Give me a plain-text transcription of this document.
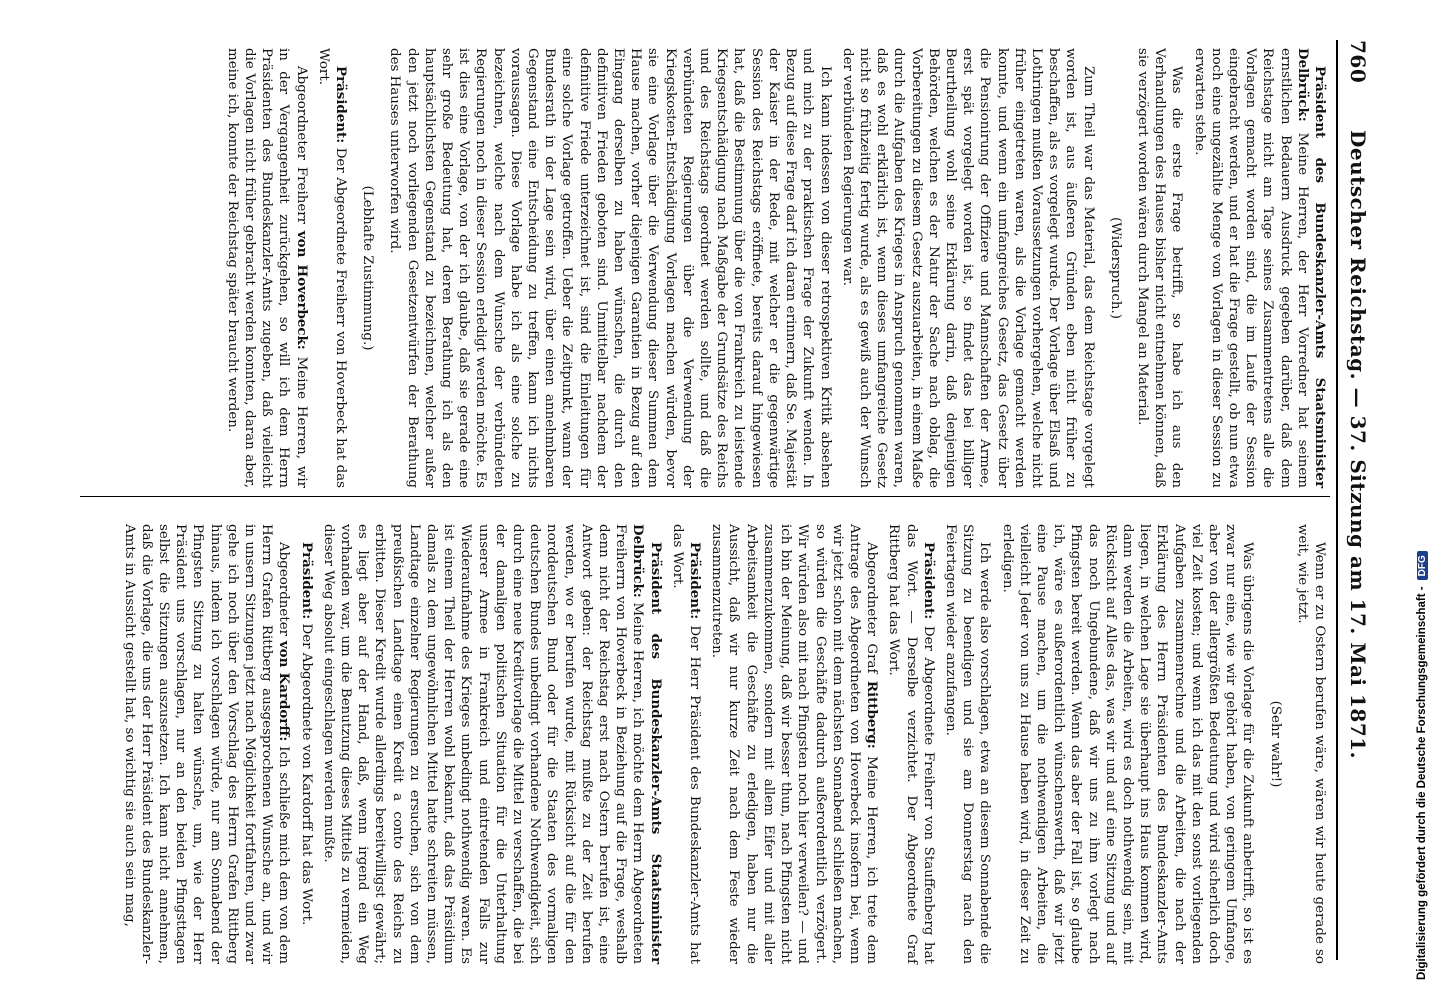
760
Deutscher Reichstag. — 37. Sitzung am 17. Mai 1871.

Präsident des Bundeskanzler-Amts Staatsminister Delbrück: Meine Herren, der Herr Vorredner hat seinem ernstlichen Bedauern Ausdruck gegeben darüber, daß dem Reichstage nicht am Tage seines Zusammentretens alle die Vorlagen gemacht worden sind, die im Laufe der Session eingebracht werden, und er hat die Frage gestellt, ob nun etwa noch eine ungezählte Menge von Vorlagen in dieser Session zu erwarten stehe.

Was die erste Frage betrifft, so habe ich aus den Verhandlungen des Hauses bisher nicht entnehmen können, daß sie verzögert worden wären durch Mangel an Material.

(Widerspruch.)

Zum Theil war das Material, das dem Reichstage vorgelegt worden ist, aus äußeren Gründen eben nicht früher zu beschaffen, als es vorgelegt wurde. Der Vorlage über Elsaß und Lothringen mußten Voraussetzungen vorhergehen, welche nicht früher eingetreten waren, als die Vorlage gemacht werden konnte, und wenn ein umfangreiches Gesetz, das Gesetz über die Pensionirung der Offiziere und Mannschaften der Armee, erst spät vorgelegt worden ist, so findet das bei billiger Beurtheilung wohl seine Erklärung darin, daß denjenigen Behörden, welchen es der Natur der Sache nach oblag, die Vorbereitungen zu diesem Gesetz auszuarbeiten, in einem Maße durch die Aufgaben des Krieges in Anspruch genommen waren, daß es wohl erklärlich ist, wenn dieses umfangreiche Gesetz nicht so frühzeitig fertig wurde, als es gewiß auch der Wunsch der verbündeten Regierungen war.

Ich kann indessen von dieser retrospektiven Kritik absehen und mich zu der praktischen Frage der Zukunft wenden. In Bezug auf diese Frage darf ich daran erinnern, daß Se. Majestät der Kaiser in der Rede, mit welcher er die gegenwärtige Session des Reichstags eröffnete, bereits darauf hingewiesen hat, daß die Bestimmung über die von Frankreich zu leistende Kriegsentschädigung nach Maßgabe der Grundsätze des Reichs und des Reichstags geordnet werden sollte, und daß die verbündeten Regierungen über die Verwendung der Kriegskosten-Entschädigung Vorlagen machen würden, bevor sie eine Vorlage über die Verwendung dieser Summen dem Hause machen, vorher diejenigen Garantien in Bezug auf den Eingang derselben zu haben wünschen, die durch den definitiven Frieden geboten sind. Unmittelbar nachdem der definitive Friede unterzeichnet ist, sind die Einleitungen für eine solche Vorlage getroffen. Ueber die Zeitpunkt, wann der Bundesrath in der Lage sein wird, über einen annehmbaren Gegenstand eine Entscheidung zu treffen, kann ich nichts voraussagen. Diese Vorlage habe ich als eine solche zu bezeichnen, welche nach dem Wunsche der verbündeten Regierungen noch in dieser Session erledigt werden möchte. Es ist dies eine Vorlage, von der ich glaube, daß sie gerade eine sehr große Bedeutung hat, deren Berathung ich als den hauptsächlichsten Gegenstand zu bezeichnen, welcher außer den jetzt noch vorliegenden Gesetzentwürfen der Berathung des Hauses unterworfen wird.

(Lebhafte Zustimmung.)

Präsident: Der Abgeordnete Freiherr von Hoverbeck hat das Wort.

Abgeordneter Freiherr von Hoverbeck: Meine Herren, wir in der Vergangenheit zurückgehen, so will ich dem Herrn Präsidenten des Bundeskanzler-Amts zugeben, daß vielleicht die Vorlagen nicht früher gebracht werden konnten, daran aber, meine ich, konnte der Reichstag später braucht werden.

Wenn er zu Ostern berufen wäre, wären wir heute gerade so weit, wie jetzt.

(Sehr wahr!)

Was übrigens die Vorlage für die Zukunft anbetrifft, so ist es zwar nur eine, wie wir gehört haben, von geringem Umfange, aber von der allergrößten Bedeutung und wird sicherlich doch viel Zeit kosten; und wenn ich das mit den sonst vorliegenden Aufgaben zusammenrechne und die Arbeiten, die nach der Erklärung des Herrn Präsidenten des Bundeskanzler-Amts liegen, in welchen Lage sie überhaupt ins Haus kommen wird, dann werden die Arbeiten, wird es doch nothwendig sein, mit Rücksicht auf Alles das, was wir und auf eine Sitzung und auf das noch Ungebundene, daß wir uns zu ihm vorlegt nach Pfingsten bereit werden. Wenn das aber der Fall ist, so glaube ich, wäre es außerordentlich wünschenswerth, daß wir jetzt eine Pause machen, um die nothwendigen Arbeiten, die vielleicht Jeder von uns zu Hause haben wird, in dieser Zeit zu erledigen.

Ich werde also vorschlagen, etwa an diesem Sonnabende die Sitzung zu beendigen und sie am Donnerstag nach den Feiertagen wieder anzufangen.

Präsident: Der Abgeordnete Freiherr von Stauffenberg hat das Wort. — Derselbe verzichtet. Der Abgeordnete Graf Rittberg hat das Wort.

Abgeordneter Graf Rittberg: Meine Herren, ich trete dem Antrage des Abgeordneten von Hoverbeck insofern bei, wenn wir jetzt schon mit dem nächsten Sonnabend schließen machen, so würden die Geschäfte dadurch außerordentlich verzögert. Wir würden also mit nach Pfingsten noch hier verweilen? — und ich bin der Meinung, daß wir besser thun, nach Pfingsten nicht zusammenzukommen, sondern mit allem Eifer und mit aller Arbeitsamkeit die Geschäfte zu erledigen, haben nur die Aussicht, daß wir nur kurze Zeit nach dem Feste wieder zusammenzutreten.

Präsident: Der Herr Präsident des Bundeskanzler-Amts hat das Wort.

Präsident des Bundeskanzler-Amts Staatsminister Delbrück: Meine Herren, ich möchte dem Herrn Abgeordneten Freiherrn von Hoverbeck in Beziehung auf die Frage, weshalb denn nicht der Reichstag erst nach Ostern berufen ist, eine Antwort geben: der Reichstag mußte zu der Zeit berufen werden, wo er berufen wurde, mit Rücksicht auf die für den norddeutschen Bund oder für die Staaten des vormaligen deutschen Bundes unbedingt vorhandene Nothwendigkeit, sich durch eine neue Kreditvorlage die Mittel zu verschaffen, die bei der damaligen politischen Situation für die Unterhaltung unserer Armee in Frankreich und eintretenden Falls zur Wiederaufnahme des Krieges unbedingt nothwendig waren. Es ist einem Theil der Herren wohl bekannt, daß das Präsidium damals zu dem ungewöhnlichen Mittel hatte schreiten müssen, Landtage einzelner Regierungen zu ersuchen, sich von dem preußischen Landtage einen Kredit a conto des Reichs zu erbitten. Dieser Kredit wurde allerdings bereitwilligst gewährt; es liegt aber auf der Hand, daß, wenn irgend ein Weg vorhanden war, um die Benutzung dieses Mittels zu vermeiden, dieser Weg absolut eingeschlagen werden mußte.

Präsident: Der Abgeordnete von Kardorff hat das Wort.

Abgeordneter von Kardorff: Ich schließe mich dem von dem Herrn Grafen Rittberg ausgesprochenen Wunsche an, und wir in unsern Sitzungen jetzt nach Möglichkeit fortfahren, und zwar gehe ich noch über den Vorschlag des Herrn Grafen Rittberg hinaus, indem ich vorschlagen würde, nur am Sonnabend der Pfingsten Sitzung zu halten wünsche, um, wie der Herr Präsident uns vorschlagen, nur an den beiden Pfingsttagen selbst die Sitzungen auszusetzen. Ich kann nicht annehmen, daß die Vorlage, die uns der Herr Präsident des Bundeskanzler-Amts in Aussicht gestellt hat, so wichtig sie auch sein mag,	Digitalisierung gefördert durch die Deutsche Forschungsgemeinschaft -
DFG
